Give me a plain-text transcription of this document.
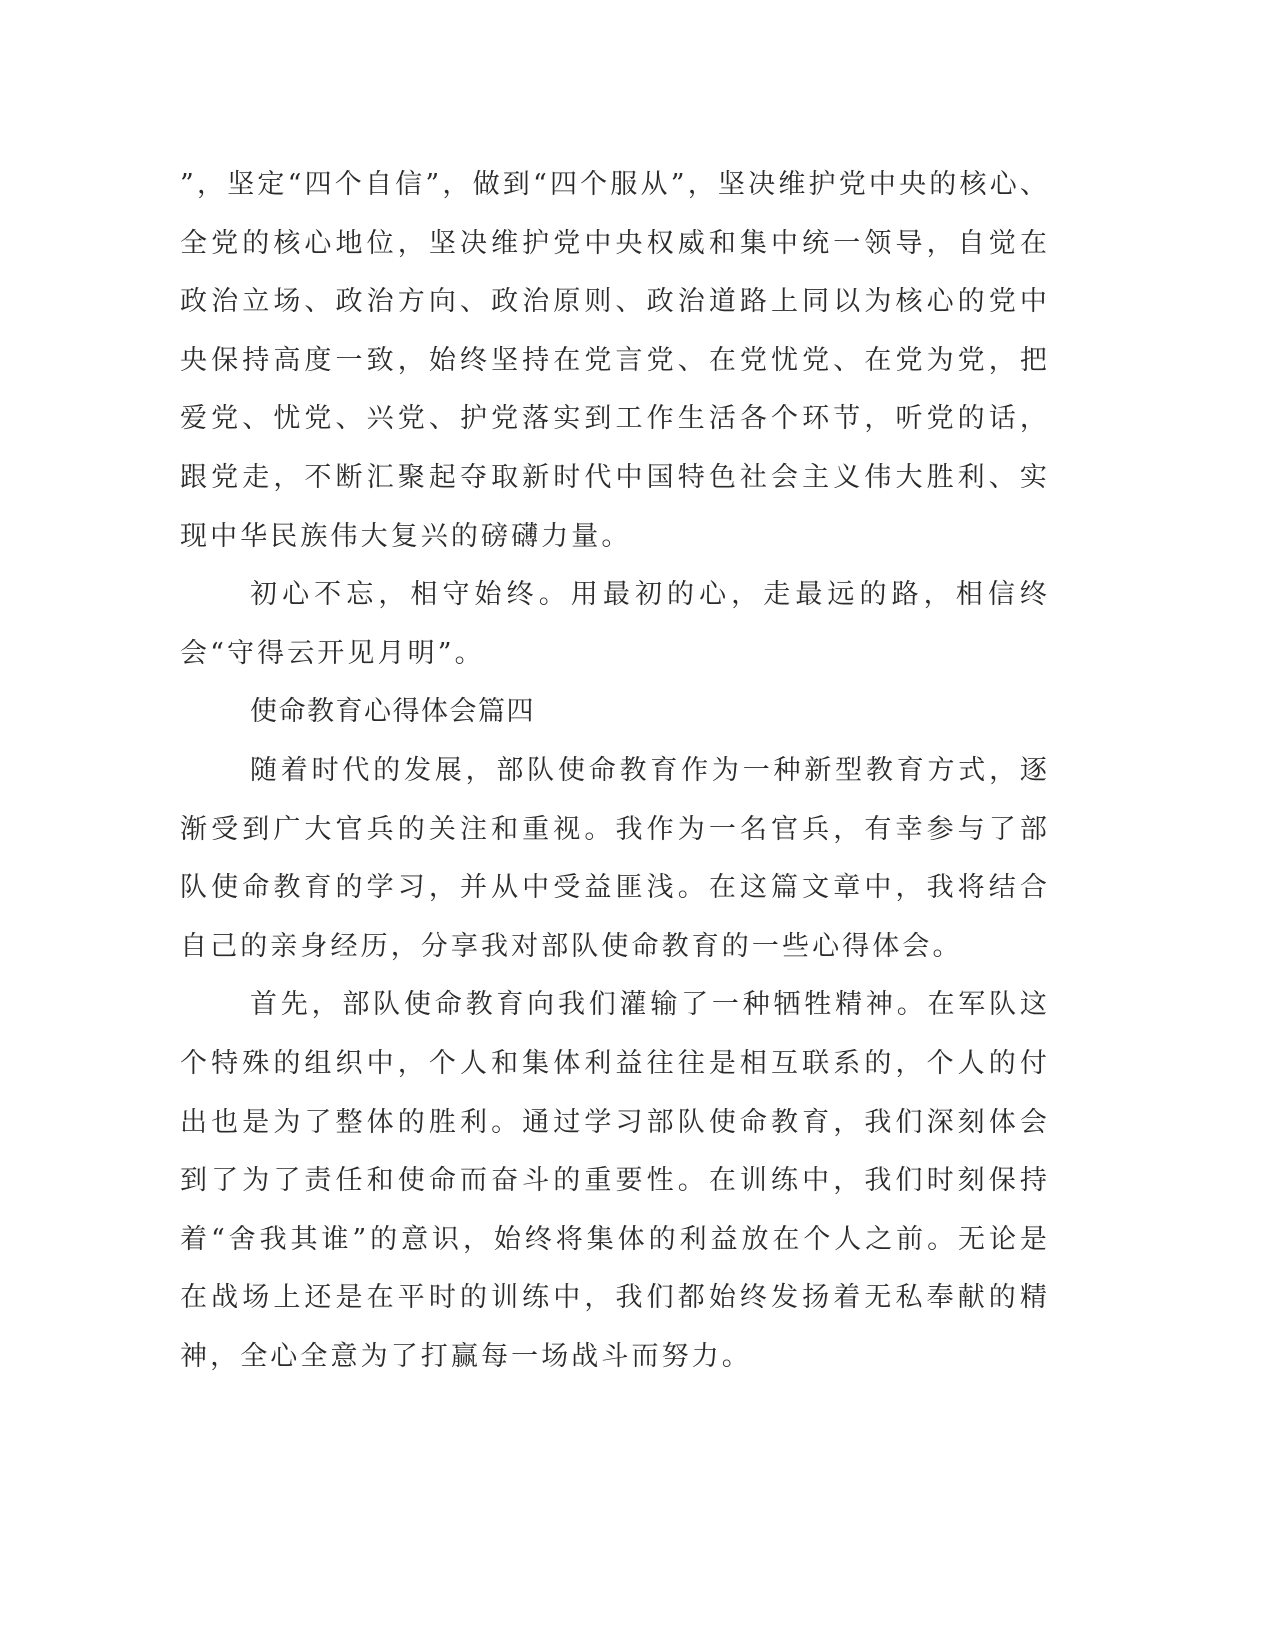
”，坚定“四个自信”，做到“四个服从”，坚决维护党中央的核心、全党的核心地位，坚决维护党中央权威和集中统一领导，自觉在政治立场、政治方向、政治原则、政治道路上同以为核心的党中央保持高度一致，始终坚持在党言党、在党忧党、在党为党，把爱党、忧党、兴党、护党落实到工作生活各个环节，听党的话，跟党走，不断汇聚起夺取新时代中国特色社会主义伟大胜利、实现中华民族伟大复兴的磅礴力量。

初心不忘，相守始终。用最初的心，走最远的路，相信终会“守得云开见月明”。

使命教育心得体会篇四

随着时代的发展，部队使命教育作为一种新型教育方式，逐渐受到广大官兵的关注和重视。我作为一名官兵，有幸参与了部队使命教育的学习，并从中受益匪浅。在这篇文章中，我将结合自己的亲身经历，分享我对部队使命教育的一些心得体会。

首先，部队使命教育向我们灌输了一种牺牲精神。在军队这个特殊的组织中，个人和集体利益往往是相互联系的，个人的付出也是为了整体的胜利。通过学习部队使命教育，我们深刻体会到了为了责任和使命而奋斗的重要性。在训练中，我们时刻保持着“舍我其谁”的意识，始终将集体的利益放在个人之前。无论是在战场上还是在平时的训练中，我们都始终发扬着无私奉献的精神，全心全意为了打赢每一场战斗而努力。
